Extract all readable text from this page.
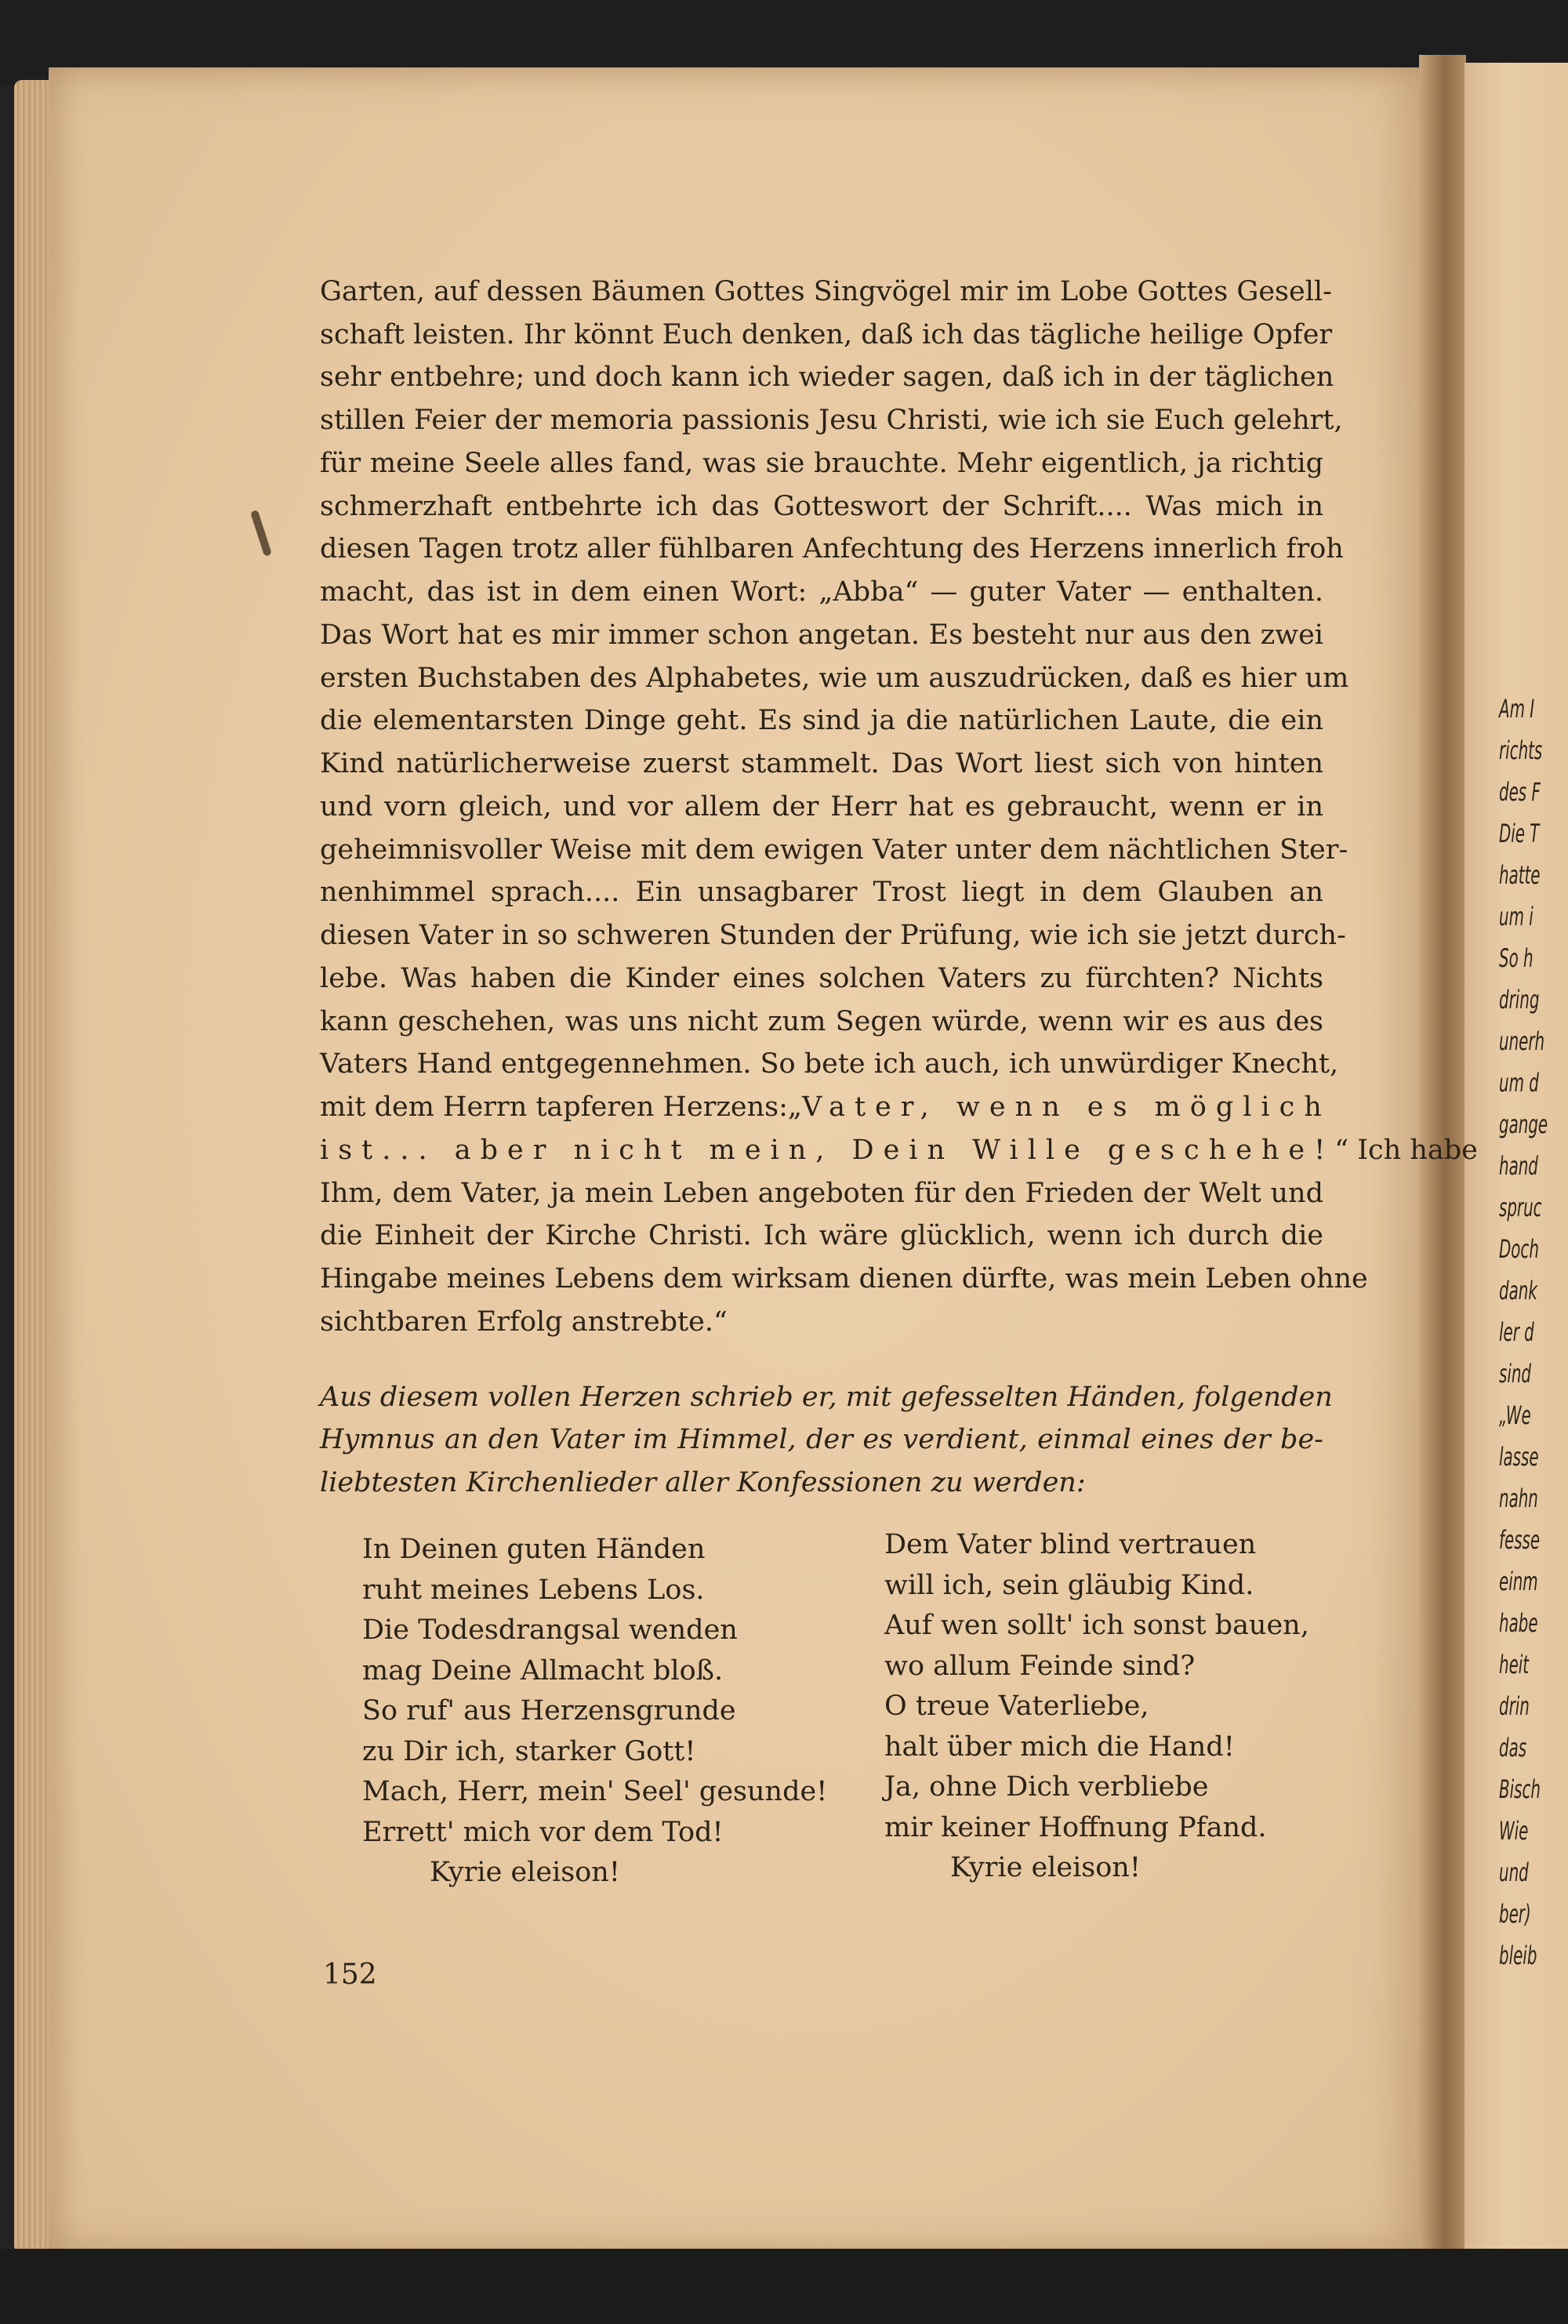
Garten, auf dessen Bäumen Gottes Singvögel mir im Lobe Gottes Gesell-
schaft leisten. Ihr könnt Euch denken, daß ich das tägliche heilige Opfer
sehr entbehre; und doch kann ich wieder sagen, daß ich in der täglichen
stillen Feier der memoria passionis Jesu Christi, wie ich sie Euch gelehrt,
für meine Seele alles fand, was sie brauchte. Mehr eigentlich, ja richtig
schmerzhaft entbehrte ich das Gotteswort der Schrift.... Was mich in
diesen Tagen trotz aller fühlbaren Anfechtung des Herzens innerlich froh
macht, das ist in dem einen Wort: „Abba“ — guter Vater — enthalten.
Das Wort hat es mir immer schon angetan. Es besteht nur aus den zwei
ersten Buchstaben des Alphabetes, wie um auszudrücken, daß es hier um
die elementarsten Dinge geht. Es sind ja die natürlichen Laute, die ein
Kind natürlicherweise zuerst stammelt. Das Wort liest sich von hinten
und vorn gleich, und vor allem der Herr hat es gebraucht, wenn er in
geheimnisvoller Weise mit dem ewigen Vater unter dem nächtlichen Ster-
nenhimmel sprach.... Ein unsagbarer Trost liegt in dem Glauben an
diesen Vater in so schweren Stunden der Prüfung, wie ich sie jetzt durch-
lebe. Was haben die Kinder eines solchen Vaters zu fürchten? Nichts
kann geschehen, was uns nicht zum Segen würde, wenn wir es aus des
Vaters Hand entgegennehmen. So bete ich auch, ich unwürdiger Knecht,
mit dem Herrn tapferen Herzens:„Vater, wenn es möglich
ist... aber nicht mein, Dein Wille geschehe!“ Ich habe
Ihm, dem Vater, ja mein Leben angeboten für den Frieden der Welt und
die Einheit der Kirche Christi. Ich wäre glücklich, wenn ich durch die
Hingabe meines Lebens dem wirksam dienen dürfte, was mein Leben ohne
sichtbaren Erfolg anstrebte.“
Aus diesem vollen Herzen schrieb er, mit gefesselten Händen, folgenden
Hymnus an den Vater im Himmel, der es verdient, einmal eines der be-
liebtesten Kirchenlieder aller Konfessionen zu werden:
In Deinen guten Händen
ruht meines Lebens Los.
Die Todesdrangsal wenden
mag Deine Allmacht bloß.
So ruf' aus Herzensgrunde
zu Dir ich, starker Gott!
Mach, Herr, mein' Seel' gesunde!
Errett' mich vor dem Tod!
Kyrie eleison!
Dem Vater blind vertrauen
will ich, sein gläubig Kind.
Auf wen sollt' ich sonst bauen,
wo allum Feinde sind?
O treue Vaterliebe,
halt über mich die Hand!
Ja, ohne Dich verbliebe
mir keiner Hoffnung Pfand.
Kyrie eleison!
152
Am I
richts
des F
Die T
hatte
um i
So h
dring
unerh
um d
gange
hand
spruc
Doch
dank
ler d
sind
„We
lasse
nahn
fesse
einm
habe
heit
drin
das
Bisch
Wie
und
ber)
bleib
